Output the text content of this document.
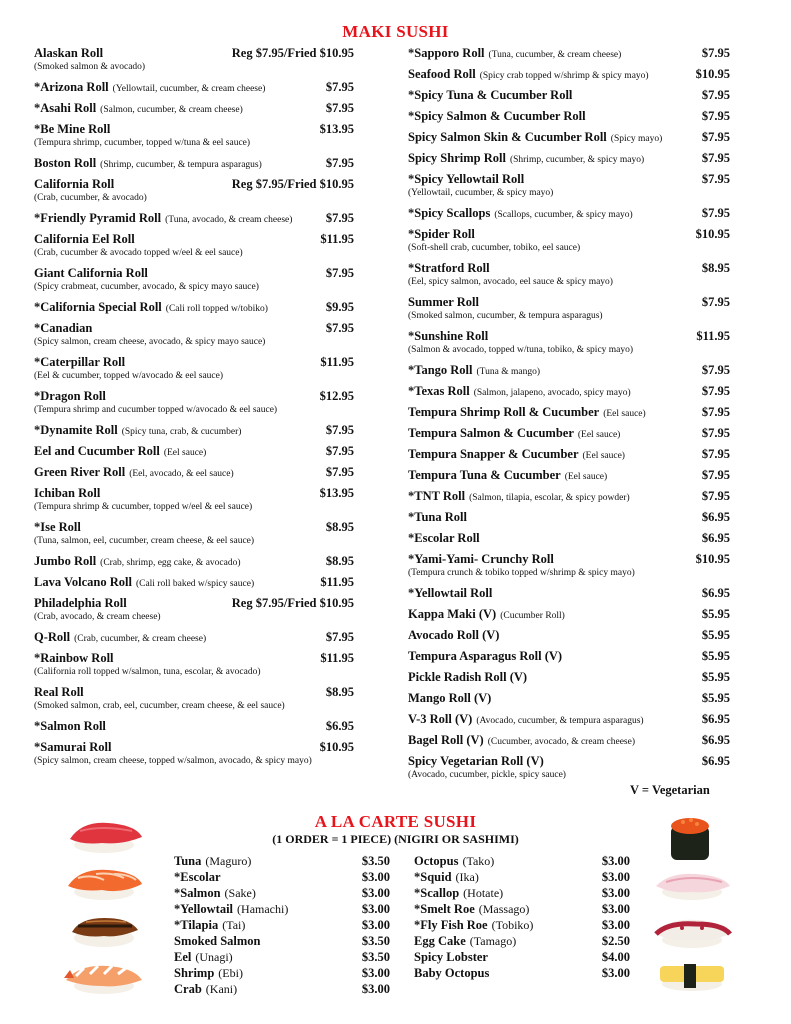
MAKI SUSHI
Alaskan Roll	Reg $7.95/Fried $10.95
(Smoked salmon & avocado)
*Arizona Roll (Yellowtail, cucumber, & cream cheese)	$7.95
*Asahi Roll (Salmon, cucumber, & cream cheese)	$7.95
*Be Mine Roll	$13.95
(Tempura shrimp, cucumber, topped w/tuna & eel sauce)
Boston Roll (Shrimp, cucumber, & tempura asparagus)	$7.95
California Roll	Reg $7.95/Fried $10.95
(Crab, cucumber, & avocado)
*Friendly Pyramid Roll (Tuna, avocado, & cream cheese)	$7.95
California Eel Roll	$11.95
(Crab, cucumber & avocado topped w/eel & eel sauce)
Giant California Roll	$7.95
(Spicy crabmeat, cucumber, avocado, & spicy mayo sauce)
*California Special Roll (Cali roll topped w/tobiko)	$9.95
*Canadian	$7.95
(Spicy salmon, cream cheese, avocado, & spicy mayo sauce)
*Caterpillar Roll	$11.95
(Eel & cucumber, topped w/avocado & eel sauce)
*Dragon Roll	$12.95
(Tempura shrimp and cucumber topped w/avocado & eel sauce)
*Dynamite Roll (Spicy tuna, crab, & cucumber)	$7.95
Eel and Cucumber Roll (Eel sauce)	$7.95
Green River Roll (Eel, avocado, & eel sauce)	$7.95
Ichiban Roll	$13.95
(Tempura shrimp & cucumber, topped w/eel & eel sauce)
*Ise Roll	$8.95
(Tuna, salmon, eel, cucumber, cream cheese, & eel sauce)
Jumbo Roll (Crab, shrimp, egg cake, & avocado)	$8.95
Lava Volcano Roll (Cali roll baked w/spicy sauce)	$11.95
Philadelphia Roll	Reg $7.95/Fried $10.95
(Crab, avocado, & cream cheese)
Q-Roll (Crab, cucumber, & cream cheese)	$7.95
*Rainbow Roll	$11.95
(California roll topped w/salmon, tuna, escolar, & avocado)
Real Roll	$8.95
(Smoked salmon, crab, eel, cucumber, cream cheese, & eel sauce)
*Salmon Roll	$6.95
*Samurai Roll	$10.95
(Spicy salmon, cream cheese, topped w/salmon, avocado, & spicy mayo)
*Sapporo Roll (Tuna, cucumber, & cream cheese)	$7.95
Seafood Roll (Spicy crab topped w/shrimp & spicy mayo)	$10.95
*Spicy Tuna & Cucumber Roll	$7.95
*Spicy Salmon & Cucumber Roll	$7.95
Spicy Salmon Skin & Cucumber Roll (Spicy mayo)	$7.95
Spicy Shrimp Roll (Shrimp, cucumber, & spicy mayo)	$7.95
*Spicy Yellowtail Roll	$7.95
(Yellowtail, cucumber, & spicy mayo)
*Spicy Scallops (Scallops, cucumber, & spicy mayo)	$7.95
*Spider Roll	$10.95
(Soft-shell crab, cucumber, tobiko, eel sauce)
*Stratford Roll	$8.95
(Eel, spicy salmon, avocado, eel sauce & spicy mayo)
Summer Roll	$7.95
(Smoked salmon, cucumber, & tempura asparagus)
*Sunshine Roll	$11.95
(Salmon & avocado, topped w/tuna, tobiko, & spicy mayo)
*Tango Roll (Tuna & mango)	$7.95
*Texas Roll (Salmon, jalapeno, avocado, spicy mayo)	$7.95
Tempura Shrimp Roll & Cucumber (Eel sauce)	$7.95
Tempura Salmon & Cucumber (Eel sauce)	$7.95
Tempura Snapper & Cucumber (Eel sauce)	$7.95
Tempura Tuna & Cucumber (Eel sauce)	$7.95
*TNT Roll (Salmon, tilapia, escolar, & spicy powder)	$7.95
*Tuna Roll	$6.95
*Escolar Roll	$6.95
*Yami-Yami- Crunchy Roll	$10.95
(Tempura crunch & tobiko topped w/shrimp & spicy mayo)
*Yellowtail Roll	$6.95
Kappa Maki (V) (Cucumber Roll)	$5.95
Avocado Roll (V)	$5.95
Tempura Asparagus Roll (V)	$5.95
Pickle Radish Roll (V)	$5.95
Mango Roll (V)	$5.95
V-3 Roll (V) (Avocado, cucumber, & tempura asparagus)	$6.95
Bagel Roll (V) (Cucumber, avocado, & cream cheese)	$6.95
Spicy Vegetarian Roll (V)	$6.95
(Avocado, cucumber, pickle, spicy sauce)
V = Vegetarian
A LA CARTE SUSHI
(1 ORDER = 1 PIECE) (NIGIRI OR SASHIMI)
Tuna (Maguro)	$3.50
*Escolar	$3.00
*Salmon (Sake)	$3.00
*Yellowtail (Hamachi)	$3.00
*Tilapia (Tai)	$3.00
Smoked Salmon	$3.50
Eel (Unagi)	$3.50
Shrimp (Ebi)	$3.00
Crab (Kani)	$3.00
Octopus (Tako)	$3.00
*Squid (Ika)	$3.00
*Scallop (Hotate)	$3.00
*Smelt Roe (Massago)	$3.00
*Fly Fish Roe (Tobiko)	$3.00
Egg Cake (Tamago)	$2.50
Spicy Lobster	$4.00
Baby Octopus	$3.00
